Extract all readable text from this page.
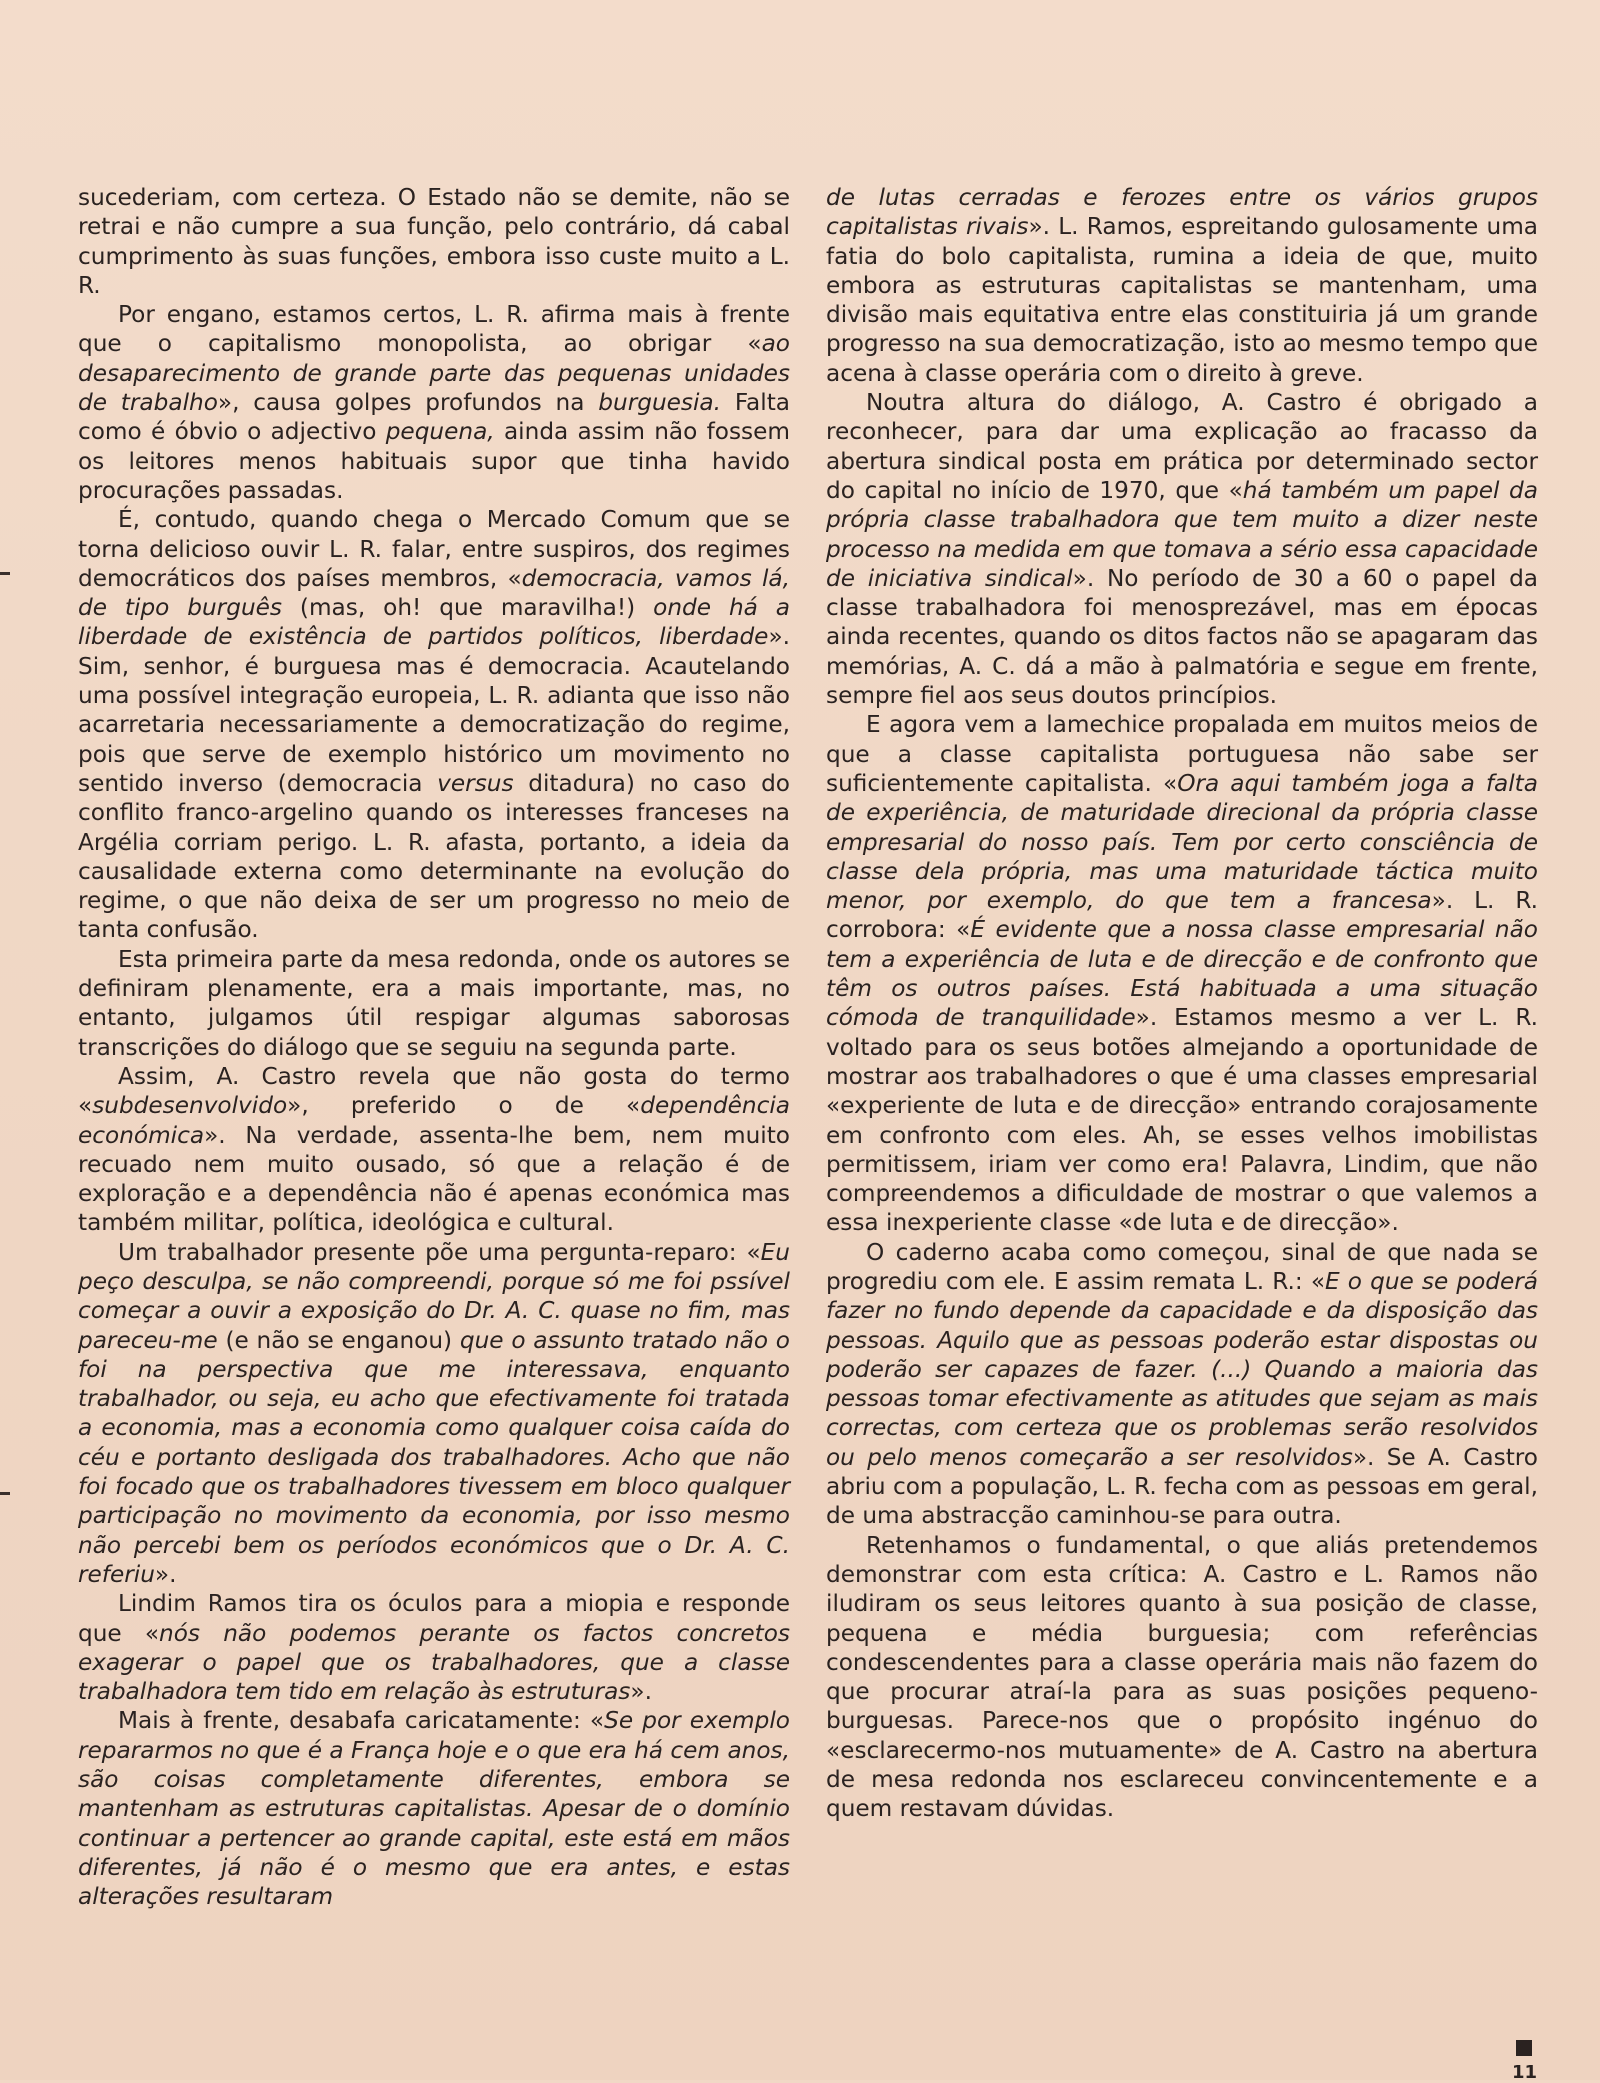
sucederiam, com certeza. O Estado não se demite, não se retrai e não cumpre a sua função, pelo contrário, dá cabal cumprimento às suas funções, embora isso custe muito a L. R.

Por engano, estamos certos, L. R. afirma mais à frente que o capitalismo monopolista, ao obrigar «ao desaparecimento de grande parte das pequenas unidades de trabalho», causa golpes profundos na burguesia. Falta como é óbvio o adjectivo pequena, ainda assim não fossem os leitores menos habituais supor que tinha havido procurações passadas.

É, contudo, quando chega o Mercado Comum que se torna delicioso ouvir L. R. falar, entre suspiros, dos regimes democráticos dos países membros, «democracia, vamos lá, de tipo burguês (mas, oh! que maravilha!) onde há a liberdade de existência de partidos políticos, liberdade». Sim, senhor, é burguesa mas é democracia. Acautelando uma possível integração europeia, L. R. adianta que isso não acarretaria necessariamente a democratização do regime, pois que serve de exemplo histórico um movimento no sentido inverso (democracia versus ditadura) no caso do conflito franco-argelino quando os interesses franceses na Argélia corriam perigo. L. R. afasta, portanto, a ideia da causalidade externa como determinante na evolução do regime, o que não deixa de ser um progresso no meio de tanta confusão.

Esta primeira parte da mesa redonda, onde os autores se definiram plenamente, era a mais importante, mas, no entanto, julgamos útil respigar algumas saborosas transcrições do diálogo que se seguiu na segunda parte.

Assim, A. Castro revela que não gosta do termo «subdesenvolvido», preferido o de «dependência económica». Na verdade, assenta-lhe bem, nem muito recuado nem muito ousado, só que a relação é de exploração e a dependência não é apenas económica mas também militar, política, ideológica e cultural.

Um trabalhador presente põe uma pergunta-reparo: «Eu peço desculpa, se não compreendi, porque só me foi pssível começar a ouvir a exposição do Dr. A. C. quase no fim, mas pareceu-me (e não se enganou) que o assunto tratado não o foi na perspectiva que me interessava, enquanto trabalhador, ou seja, eu acho que efectivamente foi tratada a economia, mas a economia como qualquer coisa caída do céu e portanto desligada dos trabalhadores. Acho que não foi focado que os trabalhadores tivessem em bloco qualquer participação no movimento da economia, por isso mesmo não percebi bem os períodos económicos que o Dr. A. C. referiu».

Lindim Ramos tira os óculos para a miopia e responde que «nós não podemos perante os factos concretos exagerar o papel que os trabalhadores, que a classe trabalhadora tem tido em relação às estruturas».

Mais à frente, desabafa caricatamente: «Se por exemplo repararmos no que é a França hoje e o que era há cem anos, são coisas completamente diferentes, embora se mantenham as estruturas capitalistas. Apesar de o domínio continuar a pertencer ao grande capital, este está em mãos diferentes, já não é o mesmo que era antes, e estas alterações resultaram

de lutas cerradas e ferozes entre os vários grupos capitalistas rivais». L. Ramos, espreitando gulosamente uma fatia do bolo capitalista, rumina a ideia de que, muito embora as estruturas capitalistas se mantenham, uma divisão mais equitativa entre elas constituiria já um grande progresso na sua democratização, isto ao mesmo tempo que acena à classe operária com o direito à greve.

Noutra altura do diálogo, A. Castro é obrigado a reconhecer, para dar uma explicação ao fracasso da abertura sindical posta em prática por determinado sector do capital no início de 1970, que «há também um papel da própria classe trabalhadora que tem muito a dizer neste processo na medida em que tomava a sério essa capacidade de iniciativa sindical». No período de 30 a 60 o papel da classe trabalhadora foi menosprezável, mas em épocas ainda recentes, quando os ditos factos não se apagaram das memórias, A. C. dá a mão à palmatória e segue em frente, sempre fiel aos seus doutos princípios.

E agora vem a lamechice propalada em muitos meios de que a classe capitalista portuguesa não sabe ser suficientemente capitalista. «Ora aqui também joga a falta de experiência, de maturidade direcional da própria classe empresarial do nosso país. Tem por certo consciência de classe dela própria, mas uma maturidade táctica muito menor, por exemplo, do que tem a francesa». L. R. corrobora: «É evidente que a nossa classe empresarial não tem a experiência de luta e de direcção e de confronto que têm os outros países. Está habituada a uma situação cómoda de tranquilidade». Estamos mesmo a ver L. R. voltado para os seus botões almejando a oportunidade de mostrar aos trabalhadores o que é uma classes empresarial «experiente de luta e de direcção» entrando corajosamente em confronto com eles. Ah, se esses velhos imobilistas permitissem, iriam ver como era! Palavra, Lindim, que não compreendemos a dificuldade de mostrar o que valemos a essa inexperiente classe «de luta e de direcção».

O caderno acaba como começou, sinal de que nada se progrediu com ele. E assim remata L. R.: «E o que se poderá fazer no fundo depende da capacidade e da disposição das pessoas. Aquilo que as pessoas poderão estar dispostas ou poderão ser capazes de fazer. (...) Quando a maioria das pessoas tomar efectivamente as atitudes que sejam as mais correctas, com certeza que os problemas serão resolvidos ou pelo menos começarão a ser resolvidos». Se A. Castro abriu com a população, L. R. fecha com as pessoas em geral, de uma abstracção caminhou-se para outra.

Retenhamos o fundamental, o que aliás pretendemos demonstrar com esta crítica: A. Castro e L. Ramos não iludiram os seus leitores quanto à sua posição de classe, pequena e média burguesia; com referências condescendentes para a classe operária mais não fazem do que procurar atraí-la para as suas posições pequeno-burguesas. Parece-nos que o propósito ingénuo do «esclarecermo-nos mutuamente» de A. Castro na abertura de mesa redonda nos esclareceu convincentemente e a quem restavam dúvidas.

11
